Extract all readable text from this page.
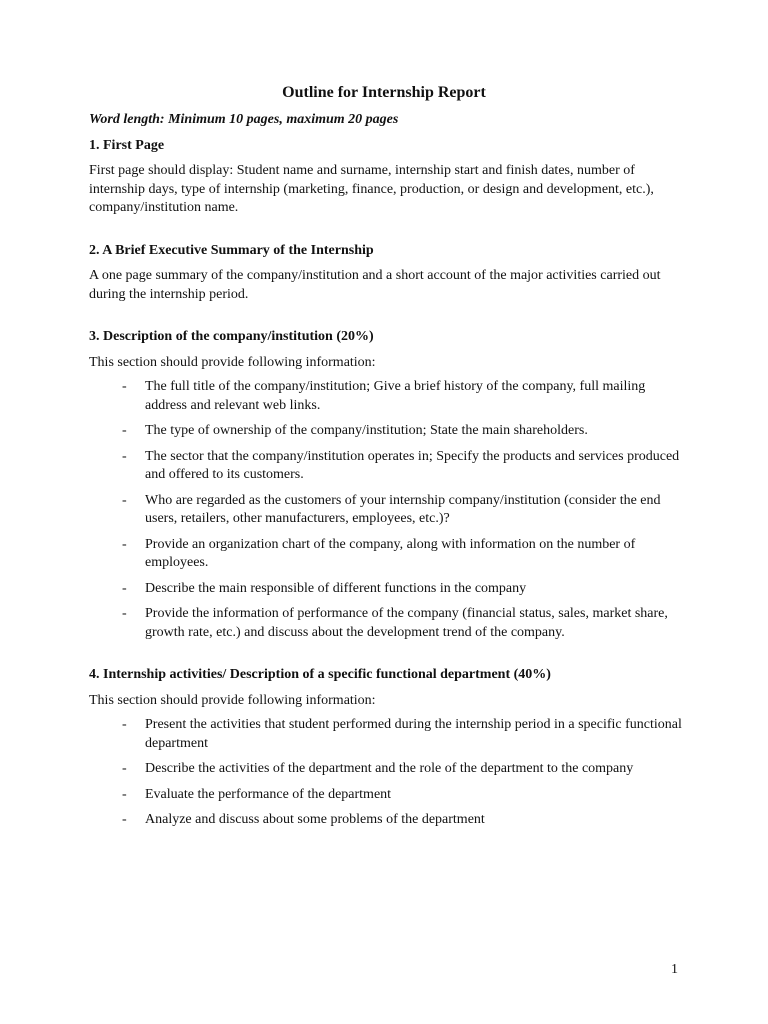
Outline for Internship Report

Word length: Minimum 10 pages, maximum 20 pages

1. First Page

First page should display: Student name and surname, internship start and finish dates, number of internship days, type of internship (marketing, finance, production, or design and development, etc.), company/institution name.

2. A Brief Executive Summary of the Internship

A one page summary of the company/institution and a short account of the major activities carried out during the internship period.

3. Description of the company/institution (20%)

This section should provide following information:

- The full title of the company/institution; Give a brief history of the company, full mailing address and relevant web links.
- The type of ownership of the company/institution; State the main shareholders.
- The sector that the company/institution operates in; Specify the products and services produced and offered to its customers.
- Who are regarded as the customers of your internship company/institution (consider the end users, retailers, other manufacturers, employees, etc.)?
- Provide an organization chart of the company, along with information on the number of employees.
- Describe the main responsible of different functions in the company
- Provide the information of performance of the company (financial status, sales, market share, growth rate, etc.) and discuss about the development trend of the company.
4. Internship activities/ Description of a specific functional department (40%)

This section should provide following information:

- Present the activities that student performed during the internship period in a specific functional department
- Describe the activities of the department and the role of the department to the company
- Evaluate the performance of the department
- Analyze and discuss about some problems of the department
1
